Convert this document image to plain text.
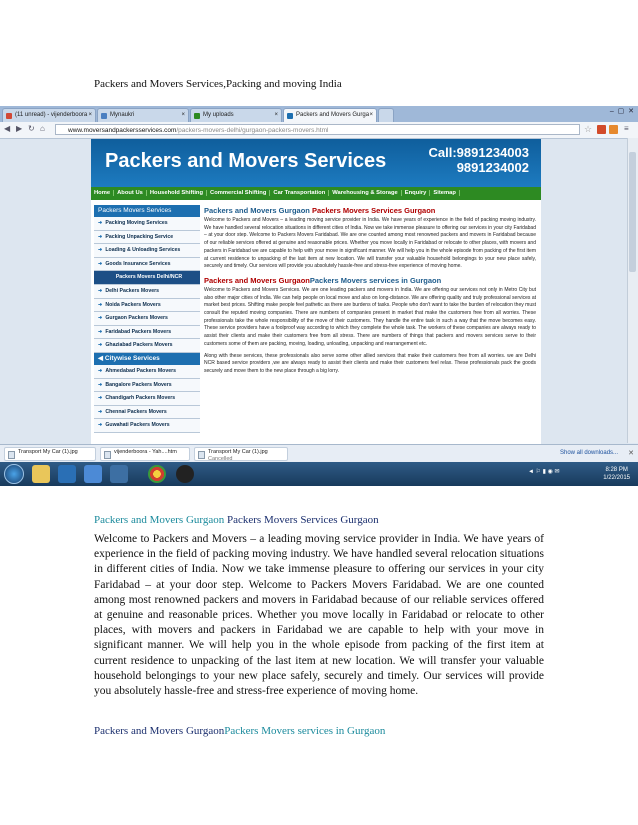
Packers and Movers Services,Packing and moving India
(11 unread) - vijenderboora ×	Mynaukri	×	My uploads	×	Packers and Movers Gurga ×	–  ▢  ✕
◀ ▶ ↻ ⌂	www.moversandpackersservices.com/packers-movers-delhi/gurgaon-packers-movers.html	☆	≡
Packers and Movers Services	Call:9891234003
9891234002
Home About Us Household Shifting Commercial Shifting Car Transportation Warehousing & Storage Enquiry Sitemap
Packers Movers Services
➜ Packing Moving Services
➜ Packing Unpacking Service
➜ Loading & Unloading Services
➜ Goods Insurance Services
Packers Movers Delhi/NCR
➜ Delhi Packers Movers
➜ Noida Packers Movers
➜ Gurgaon Packers Movers
➜ Faridabad Packers Movers
➜ Ghaziabad Packers Movers
◀ Citywise Services
➜ Ahmedabad Packers Movers
➜ Bangalore Packers Movers
➜ Chandigarh Packers Movers
➜ Chennai Packers Movers
➜ Guwahati Packers Movers
Packers and Movers Gurgaon Packers Movers Services Gurgaon

Welcome to Packers and Movers – a leading moving service provider in India. We have years of experience in the field of packing moving industry. We have handled several relocation situations in different cities of India. Now we take immense pleasure to offering our services in your city Faridabad – at your door step. Welcome to Packers Movers Faridabad. We are one counted among most renowned packers and movers in Faridabad because of our reliable services offered at genuine and reasonable prices. Whether you move locally in Faridabad or relocate to other places, with movers and packers in Faridabad we are capable to help with your move in significant manner. We will help you in the whole episode from packing of the first item at current residence to unpacking of the last item at new location. We will transfer your valuable household belongings to your new place safely, securely and timely. Our services will provide you absolutely hassle-free and stress-free experience of moving home.

Packers and Movers GurgaonPackers Movers services in Gurgaon

Welcome to Packers and Movers Services. We are one leading packers and movers in India. We are offering our services not only in Metro City but also other major cities of India. We can help people on local move and also on long-distance. We are offering quality and truly professional services at market best prices. Shifting make people feel pathetic as there are burdens of tasks. People who don't want to take the burden of relocation they must consult the reputed moving companies. There are numbers of companies present in market that make the customers free from all worries. These professionals take the whole responsibility of the move of their customers. They handle the entire task in such a way that the move becomes easy. These service providers have a foolproof way according to which they complete the whole task. The workers of these companies are always ready to assist their clients and make their customers free from all stress. There are numbers of things that packers and movers services serve to their customers some of them are packing, moving, loading, unloading, unpacking and rearrangement etc.

Along with these services, these professionals also serve some other allied services that make their customers free from all worries. we are Delhi NCR based service providers ,we are always ready to assist their clients and make their customers feel relax. These professionals pack the goods securely and move them to the new place through a big lorry.

Transport My Car (1).jpg	vijenderboora - Yah....htm	Transport My Car (1).jpg
Cancelled
Show all downloads... ✕
◄ ⚐ ▮ ◉ ✉	8:28 PM
1/22/2015
Packers and Movers Gurgaon Packers Movers Services Gurgaon
Welcome to Packers and Movers – a leading moving service provider in India. We have years of experience in the field of packing moving industry. We have handled several relocation situations in different cities of India. Now we take immense pleasure to offering our services in your city Faridabad – at your door step. Welcome to Packers Movers Faridabad. We are one counted among most renowned packers and movers in Faridabad because of our reliable services offered at genuine and reasonable prices. Whether you move locally in Faridabad or relocate to other places, with movers and packers in Faridabad we are capable to help with your move in significant manner. We will help you in the whole episode from packing of the first item at current residence to unpacking of the last item at new location. We will transfer your valuable household belongings to your new place safely, securely and timely. Our services will provide you absolutely hassle-free and stress-free experience of moving home.
Packers and Movers GurgaonPackers Movers services in Gurgaon
